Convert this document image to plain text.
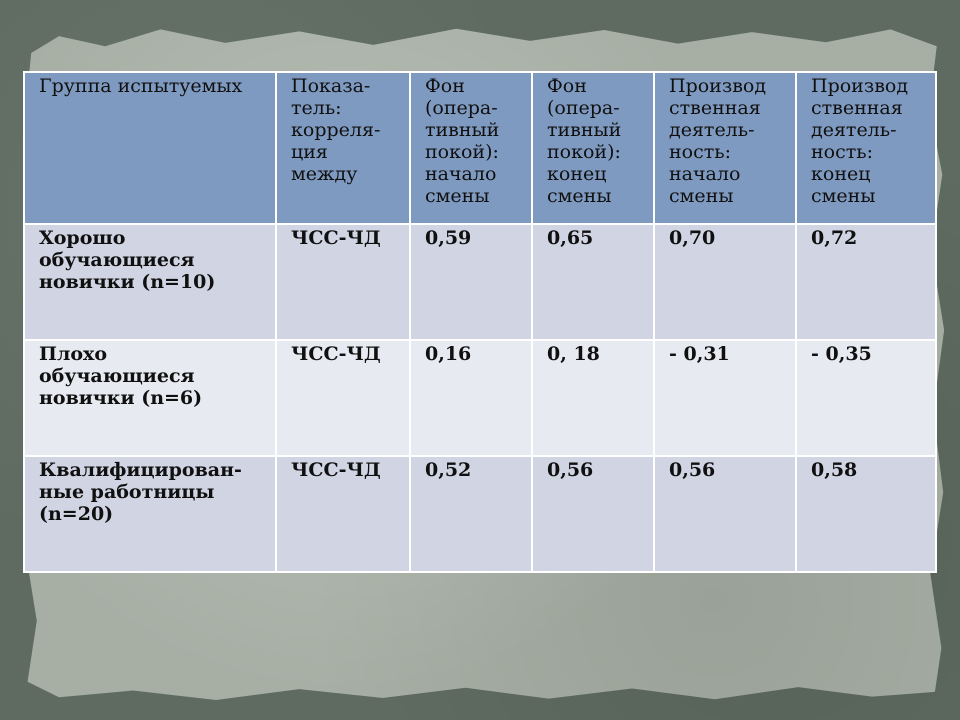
Группа испытуемых	Показа-тель: корреля-ция между	Фон (опера-тивный покой): начало смены	Фон (опера-тивный покой): конец смены	Производ ственная деятель-ность: начало смены	Производ ственная деятель-ность: конец смены
Хорошо обучающиеся новички (n=10)	ЧСС-ЧД	0,59	0,65	0,70	0,72
Плохо обучающиеся новички (n=6)	ЧСС-ЧД	0,16	0, 18	- 0,31	- 0,35
Квалифицирован-ные работницы (n=20)	ЧСС-ЧД	0,52	0,56	0,56	0,58
